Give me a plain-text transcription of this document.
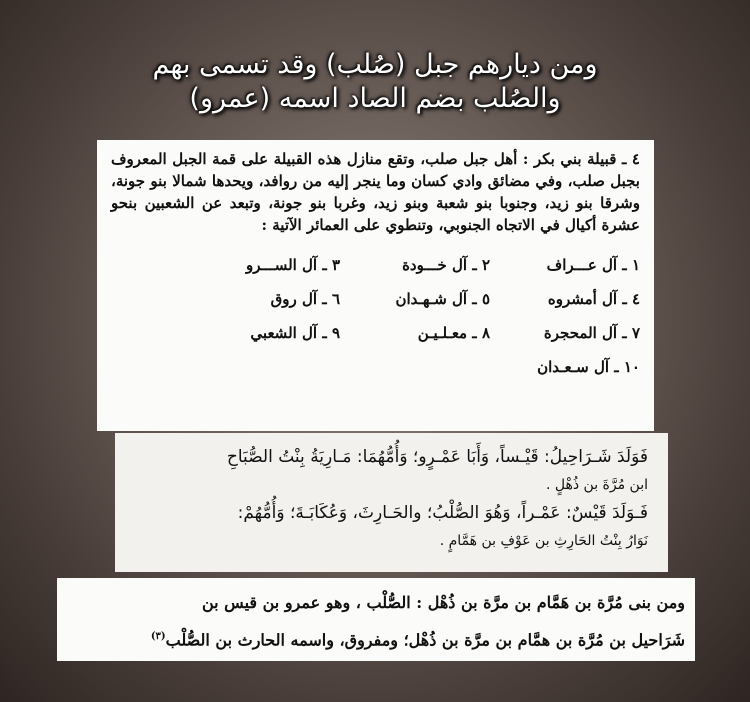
ومن ديارهم جبل (صُلب) وقد تسمى بهم
والصُلب بضم الصاد اسمه (عمرو)
٤ ـ قبيلة بني بكر : أهل جبل صلب، وتقع منازل هذه القبيلة على قمة الجبل المعروف بجبل صلب، وفي مضائق وادي كسان وما ينجر إليه من روافد، ويحدها شمالا بنو جونة، وشرقا بنو زيد، وجنوبا بنو شعبة وبنو زيد، وغربا بنو جونة، وتبعد عن الشعبين بنحو عشرة أكيال في الاتجاه الجنوبي، وتنطوي على العمائر الآتية :
١ ـ آل عـــراف
٢ ـ آل خـــودة
٣ ـ آل الســـرو
٤ ـ آل أمشروه
٥ ـ آل شـهـدان
٦ ـ آل روق
٧ ـ آل المحجرة
٨ ـ معـلـيـن
٩ ـ آل الشعبي
١٠ ـ آل سـعـدان
فَوَلَدَ شَـرَاحِيلُ: قَيْـساً، وَأَبَا عَمْـرٍو؛ وَأُمُّهُمَا: مَـارِيَةُ بِنْتُ الصُّبَاحِ
ابن مُرَّةَ بن ذُهْلٍ .
فَـوَلَدَ قَيْسٌ: عَمْـراً، وَهُوَ الصُّلْبُ؛ والحَـارِثَ، وَعُكَابَـةَ؛ وَأُمُّهُمْ:
نَوَارُ بِنْتُ الحَارِثِ بن عَوْفِ بن هَمَّامٍ .
ومن بنى مُرَّة بن هَمَّام بن مرَّة بن ذُهْل : الصُّلْب ، وهو عمرو بن قيس بن
شَرَاحيل بن مُرَّة بن همَّام بن مرَّة بن ذُهْل؛ ومفروق، واسمه الحارث بن الصُّلْب$^{(٣)}$
